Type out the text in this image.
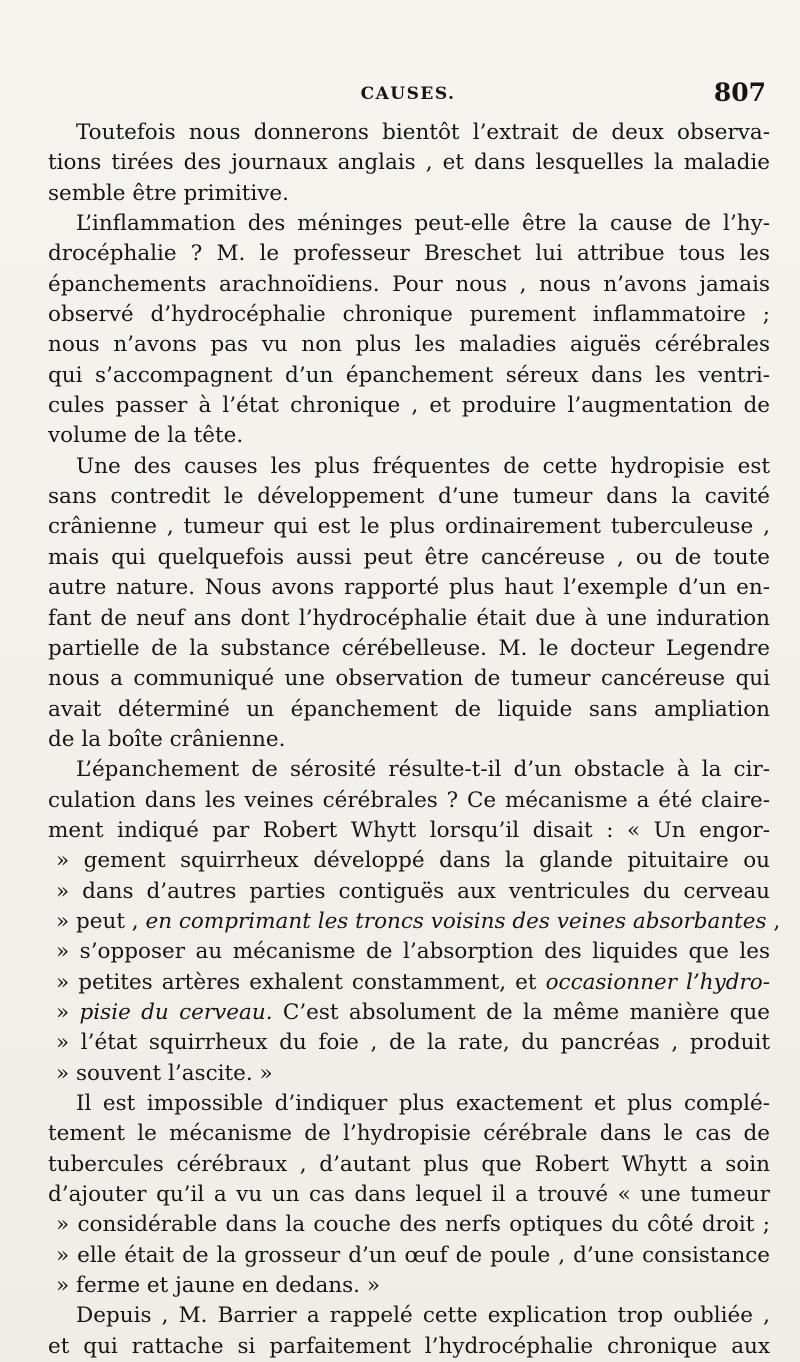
CAUSES.	807
Toutefois nous donnerons bientôt l’extrait de deux observa-
tions tirées des journaux anglais , et dans lesquelles la maladie
semble être primitive.
L’inflammation des méninges peut-elle être la cause de l’hy-
drocéphalie ? M. le professeur Breschet lui attribue tous les
épanchements arachnoïdiens. Pour nous , nous n’avons jamais
observé d’hydrocéphalie chronique purement inflammatoire ;
nous n’avons pas vu non plus les maladies aiguës cérébrales
qui s’accompagnent d’un épanchement séreux dans les ventri-
cules passer à l’état chronique , et produire l’augmentation de
volume de la tête.
Une des causes les plus fréquentes de cette hydropisie est
sans contredit le développement d’une tumeur dans la cavité
crânienne , tumeur qui est le plus ordinairement tuberculeuse ,
mais qui quelquefois aussi peut être cancéreuse , ou de toute
autre nature. Nous avons rapporté plus haut l’exemple d’un en-
fant de neuf ans dont l’hydrocéphalie était due à une induration
partielle de la substance cérébelleuse. M. le docteur Legendre
nous a communiqué une observation de tumeur cancéreuse qui
avait déterminé un épanchement de liquide sans ampliation
de la boîte crânienne.
L’épanchement de sérosité résulte-t-il d’un obstacle à la cir-
culation dans les veines cérébrales ? Ce mécanisme a été claire-
ment indiqué par Robert Whytt lorsqu’il disait : « Un engor-
» gement squirrheux développé dans la glande pituitaire ou
» dans d’autres parties contiguës aux ventricules du cerveau
» peut , en comprimant les troncs voisins des veines absorbantes ,
» s’opposer au mécanisme de l’absorption des liquides que les
» petites artères exhalent constamment, et occasionner l’hydro-
» pisie du cerveau. C’est absolument de la même manière que
» l’état squirrheux du foie , de la rate, du pancréas , produit
» souvent l’ascite. »
Il est impossible d’indiquer plus exactement et plus complé-
tement le mécanisme de l’hydropisie cérébrale dans le cas de
tubercules cérébraux , d’autant plus que Robert Whytt a soin
d’ajouter qu’il a vu un cas dans lequel il a trouvé « une tumeur
» considérable dans la couche des nerfs optiques du côté droit ;
» elle était de la grosseur d’un œuf de poule , d’une consistance
» ferme et jaune en dedans. »
Depuis , M. Barrier a rappelé cette explication trop oubliée ,
et qui rattache si parfaitement l’hydrocéphalie chronique aux
